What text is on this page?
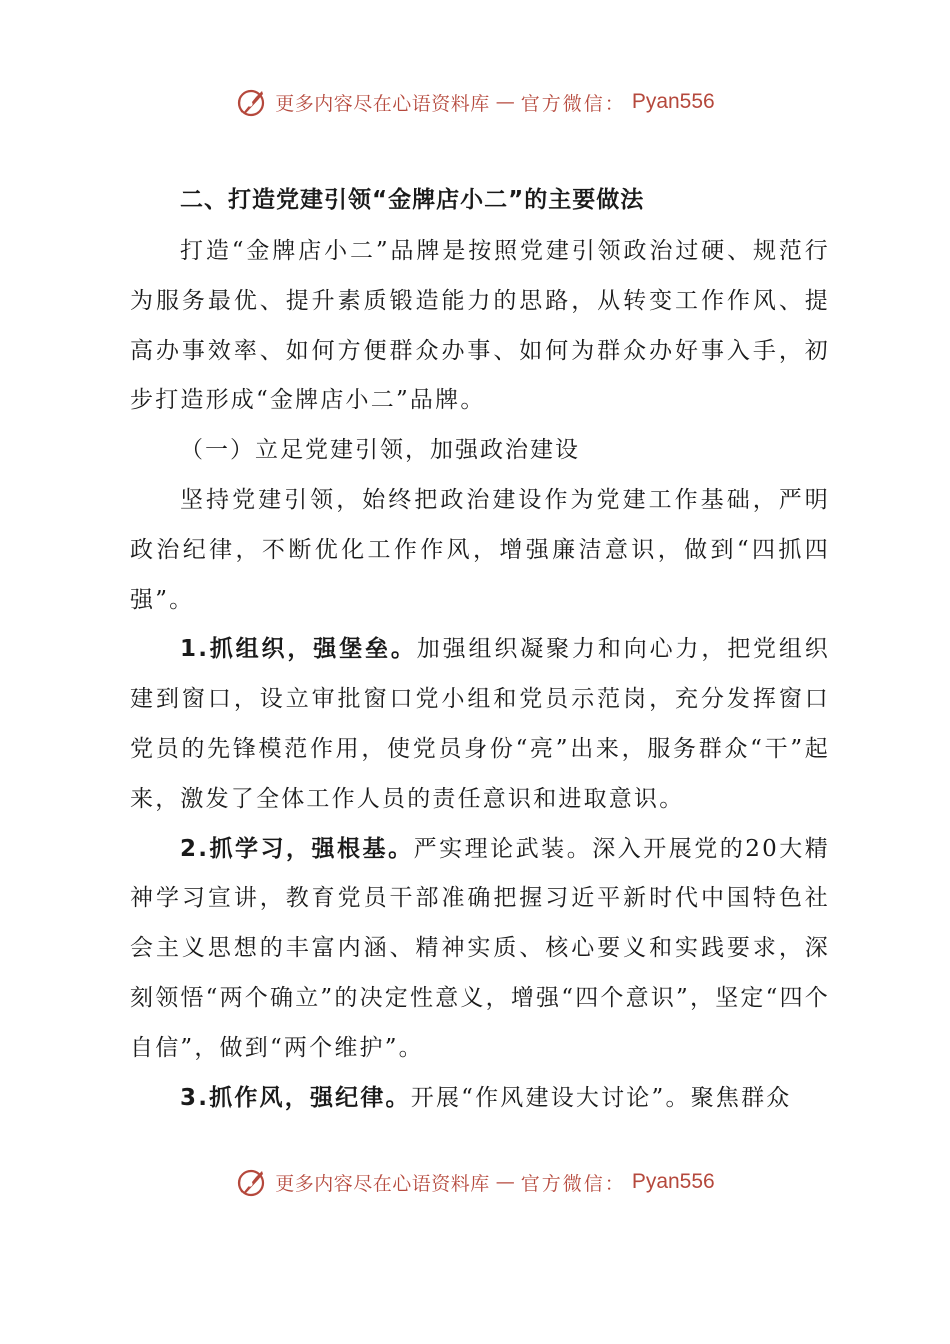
更多内容尽在心语资料库 — 官方微信： Pyan556
二、打造党建引领“金牌店小二”的主要做法

打造“金牌店小二”品牌是按照党建引领政治过硬、规范行为服务最优、提升素质锻造能力的思路，从转变工作作风、提高办事效率、如何方便群众办事、如何为群众办好事入手，初步打造形成“金牌店小二”品牌。

（一）立足党建引领，加强政治建设

坚持党建引领，始终把政治建设作为党建工作基础，严明政治纪律，不断优化工作作风，增强廉洁意识，做到“四抓四强”。

1.抓组织，强堡垒。加强组织凝聚力和向心力，把党组织建到窗口，设立审批窗口党小组和党员示范岗，充分发挥窗口党员的先锋模范作用，使党员身份“亮”出来，服务群众“干”起来，激发了全体工作人员的责任意识和进取意识。

2.抓学习，强根基。严实理论武装。深入开展党的20大精神学习宣讲，教育党员干部准确把握习近平新时代中国特色社会主义思想的丰富内涵、精神实质、核心要义和实践要求，深刻领悟“两个确立”的决定性意义，增强“四个意识”，坚定“四个自信”，做到“两个维护”。

3.抓作风，强纪律。开展“作风建设大讨论”。聚焦群众

更多内容尽在心语资料库 — 官方微信： Pyan556
